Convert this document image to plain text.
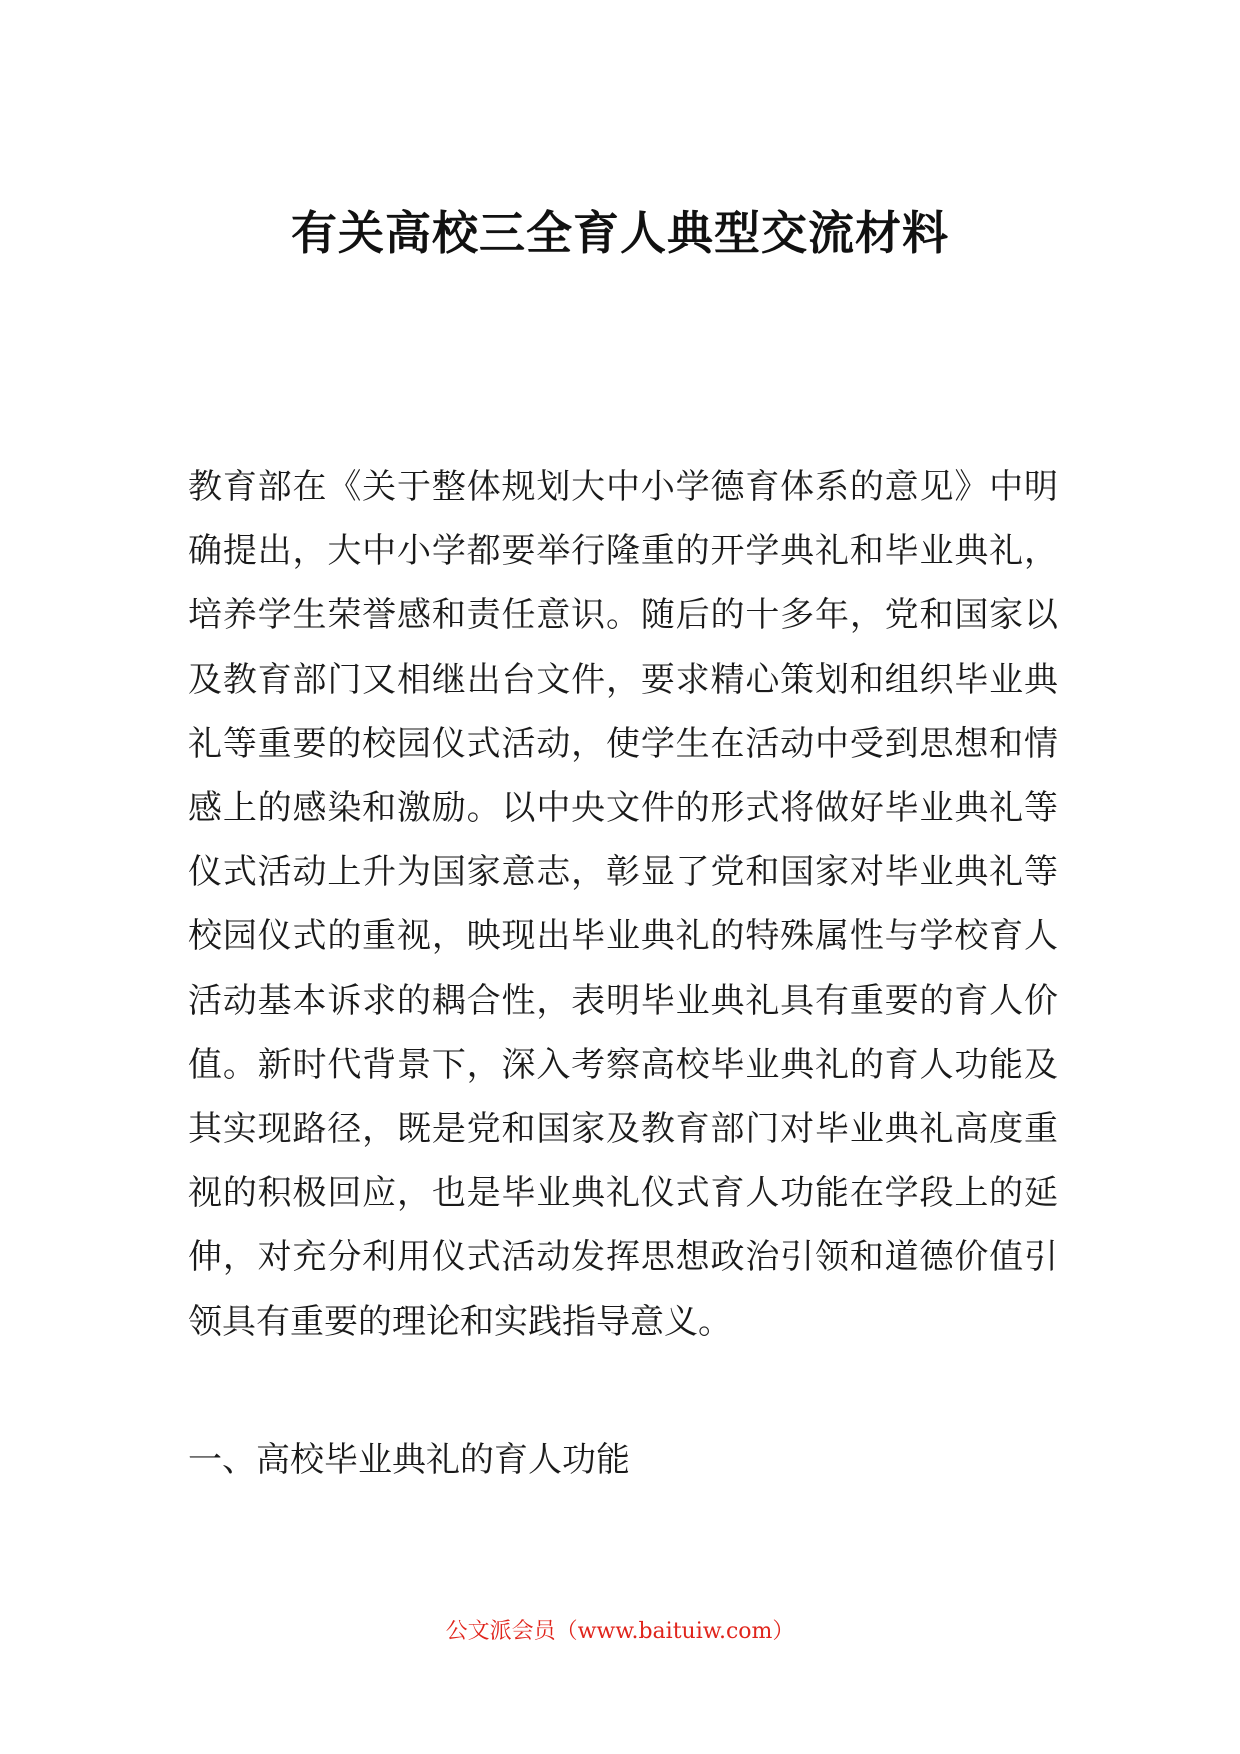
有关高校三全育人典型交流材料

教育部在《关于整体规划大中小学德育体系的意见》中明确提出，大中小学都要举行隆重的开学典礼和毕业典礼，培养学生荣誉感和责任意识。随后的十多年，党和国家以及教育部门又相继出台文件，要求精心策划和组织毕业典礼等重要的校园仪式活动，使学生在活动中受到思想和情感上的感染和激励。以中央文件的形式将做好毕业典礼等仪式活动上升为国家意志，彰显了党和国家对毕业典礼等校园仪式的重视，映现出毕业典礼的特殊属性与学校育人活动基本诉求的耦合性，表明毕业典礼具有重要的育人价值。新时代背景下，深入考察高校毕业典礼的育人功能及其实现路径，既是党和国家及教育部门对毕业典礼高度重视的积极回应，也是毕业典礼仪式育人功能在学段上的延伸，对充分利用仪式活动发挥思想政治引领和道德价值引领具有重要的理论和实践指导意义。

一、高校毕业典礼的育人功能
公文派会员（www.baituiw.com）
